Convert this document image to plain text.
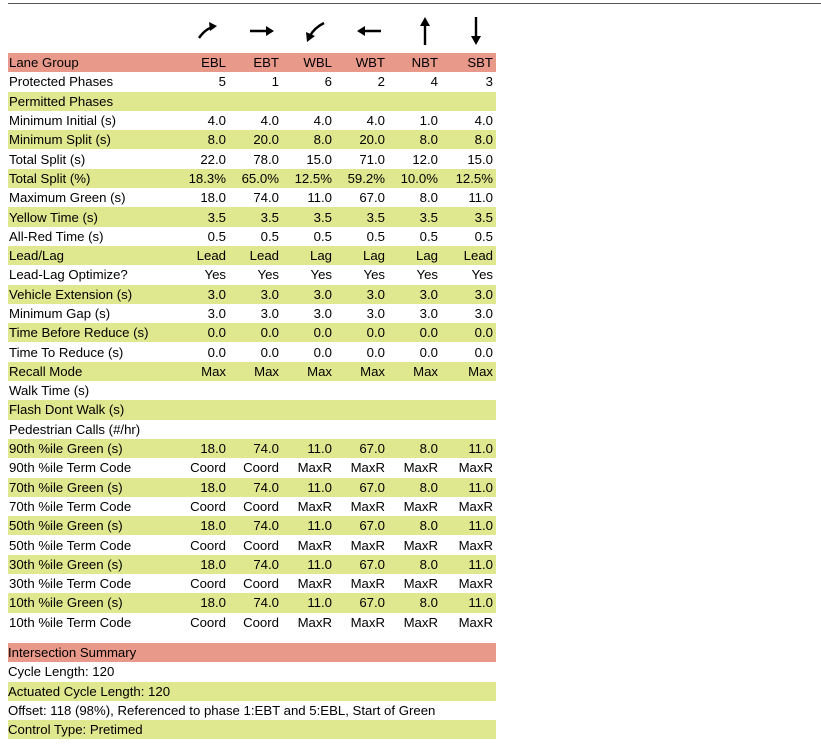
Lane Group	EBL	EBT	WBL	WBT	NBT	SBT
Protected Phases	5	1	6	2	4	3
Permitted Phases
Minimum Initial (s)	4.0	4.0	4.0	4.0	1.0	4.0
Minimum Split (s)	8.0	20.0	8.0	20.0	8.0	8.0
Total Split (s)	22.0	78.0	15.0	71.0	12.0	15.0
Total Split (%)	18.3%	65.0%	12.5%	59.2%	10.0%	12.5%
Maximum Green (s)	18.0	74.0	11.0	67.0	8.0	11.0
Yellow Time (s)	3.5	3.5	3.5	3.5	3.5	3.5
All-Red Time (s)	0.5	0.5	0.5	0.5	0.5	0.5
Lead/Lag	Lead	Lead	Lag	Lag	Lag	Lead
Lead-Lag Optimize?	Yes	Yes	Yes	Yes	Yes	Yes
Vehicle Extension (s)	3.0	3.0	3.0	3.0	3.0	3.0
Minimum Gap (s)	3.0	3.0	3.0	3.0	3.0	3.0
Time Before Reduce (s)	0.0	0.0	0.0	0.0	0.0	0.0
Time To Reduce (s)	0.0	0.0	0.0	0.0	0.0	0.0
Recall Mode	Max	Max	Max	Max	Max	Max
Walk Time (s)
Flash Dont Walk (s)
Pedestrian Calls (#/hr)
90th %ile Green (s)	18.0	74.0	11.0	67.0	8.0	11.0
90th %ile Term Code	Coord	Coord	MaxR	MaxR	MaxR	MaxR
70th %ile Green (s)	18.0	74.0	11.0	67.0	8.0	11.0
70th %ile Term Code	Coord	Coord	MaxR	MaxR	MaxR	MaxR
50th %ile Green (s)	18.0	74.0	11.0	67.0	8.0	11.0
50th %ile Term Code	Coord	Coord	MaxR	MaxR	MaxR	MaxR
30th %ile Green (s)	18.0	74.0	11.0	67.0	8.0	11.0
30th %ile Term Code	Coord	Coord	MaxR	MaxR	MaxR	MaxR
10th %ile Green (s)	18.0	74.0	11.0	67.0	8.0	11.0
10th %ile Term Code	Coord	Coord	MaxR	MaxR	MaxR	MaxR
Intersection Summary
Cycle Length: 120
Actuated Cycle Length: 120
Offset: 118 (98%), Referenced to phase 1:EBT and 5:EBL, Start of Green
Control Type: Pretimed
